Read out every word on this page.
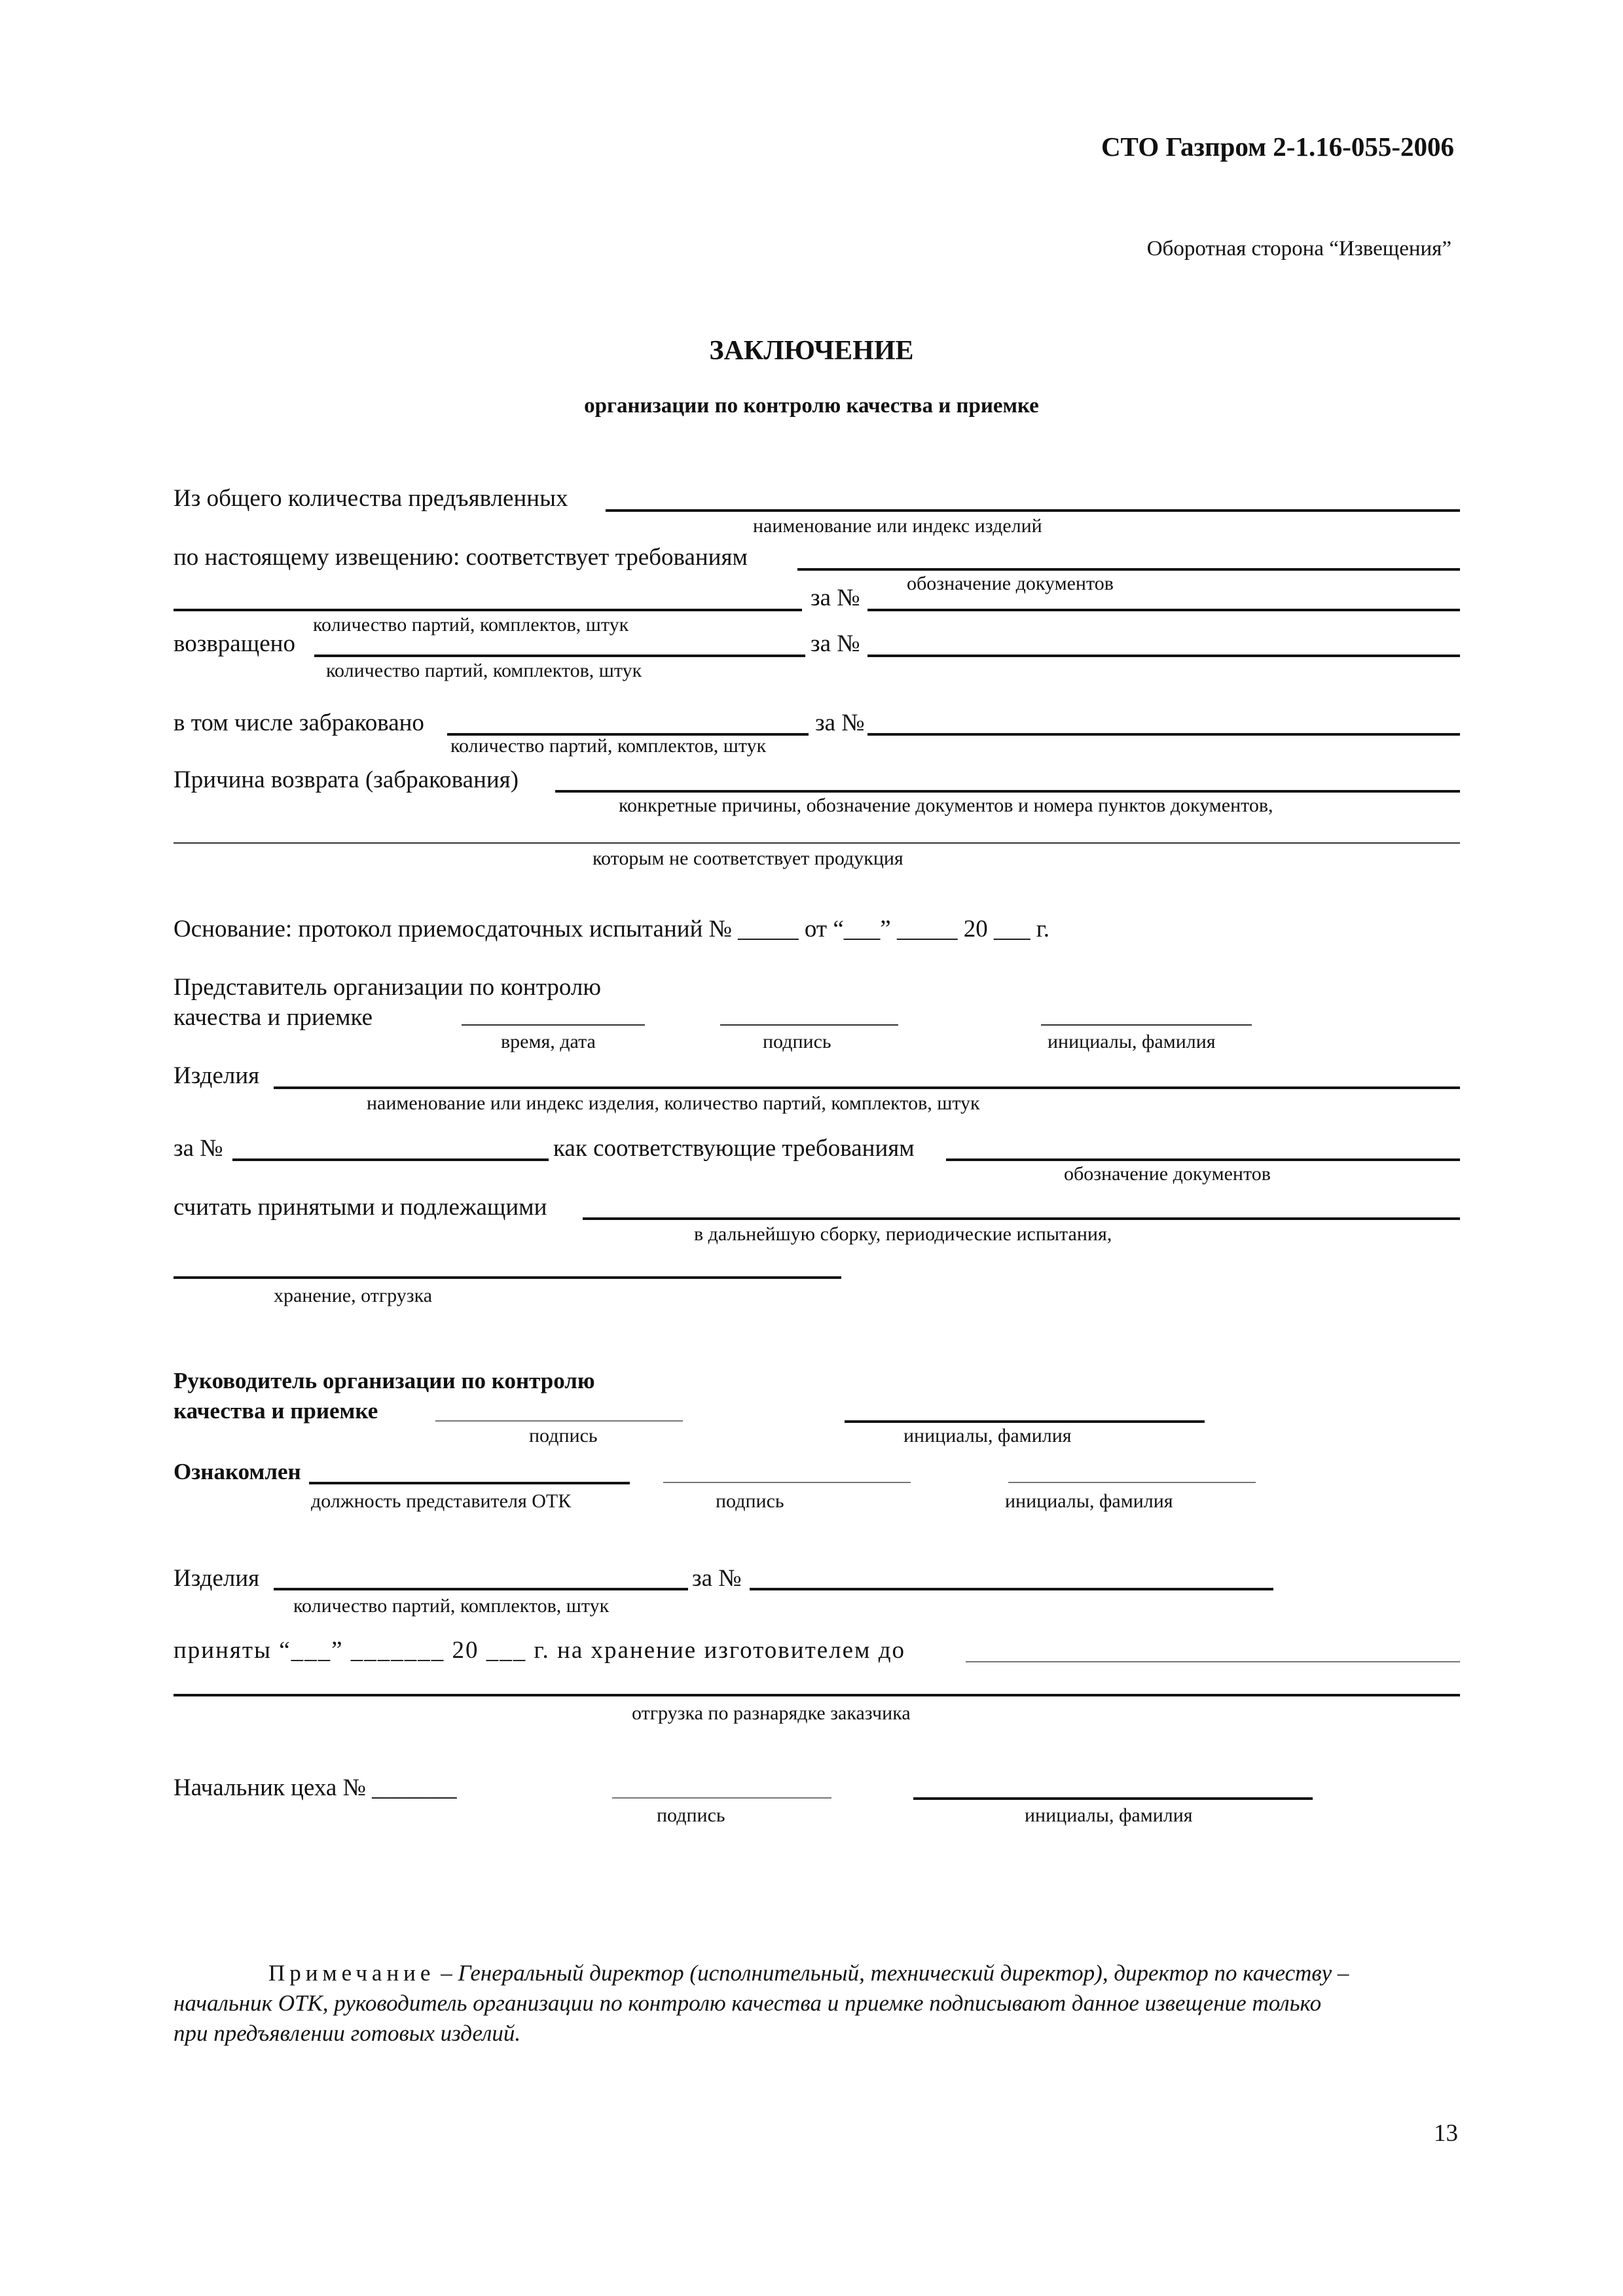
СТО Газпром 2-1.16-055-2006
Оборотная сторона “Извещения”
ЗАКЛЮЧЕНИЕ
организации по контролю качества и приемке
Из общего количества предъявленных
наименование или индекс изделий
по настоящему извещению: соответствует требованиям
обозначение документов
за №
количество партий, комплектов, штук
возвращено	за №
количество партий, комплектов, штук
в том числе забраковано	за №
количество партий, комплектов, штук
Причина возврата (забракования)
конкретные причины, обозначение документов и номера пунктов документов,
которым не соответствует продукция
Основание: протокол приемосдаточных испытаний № _____ от “___” _____ 20 ___ г.
Представитель организации по контролю
качества и приемке
время, дата	подпись	инициалы, фамилия
Изделия
наименование или индекс изделия, количество партий, комплектов, штук
за №	как соответствующие требованиям
обозначение документов
считать принятыми и подлежащими
в дальнейшую сборку, периодические испытания,
хранение, отгрузка
Руководитель организации по контролю
качества и приемке
подпись	инициалы, фамилия
Ознакомлен
должность представителя ОТК	подпись	инициалы, фамилия
Изделия	за №
количество партий, комплектов, штук
приняты “___” _______ 20 ___ г. на хранение изготовителем до
отгрузка по разнарядке заказчика
Начальник цеха № _______
подпись	инициалы, фамилия
Примечание – Генеральный директор (исполнительный, технический директор), директор по качеству –
начальник ОТК, руководитель организации по контролю качества и приемке подписывают данное извещение только
при предъявлении готовых изделий.
13
